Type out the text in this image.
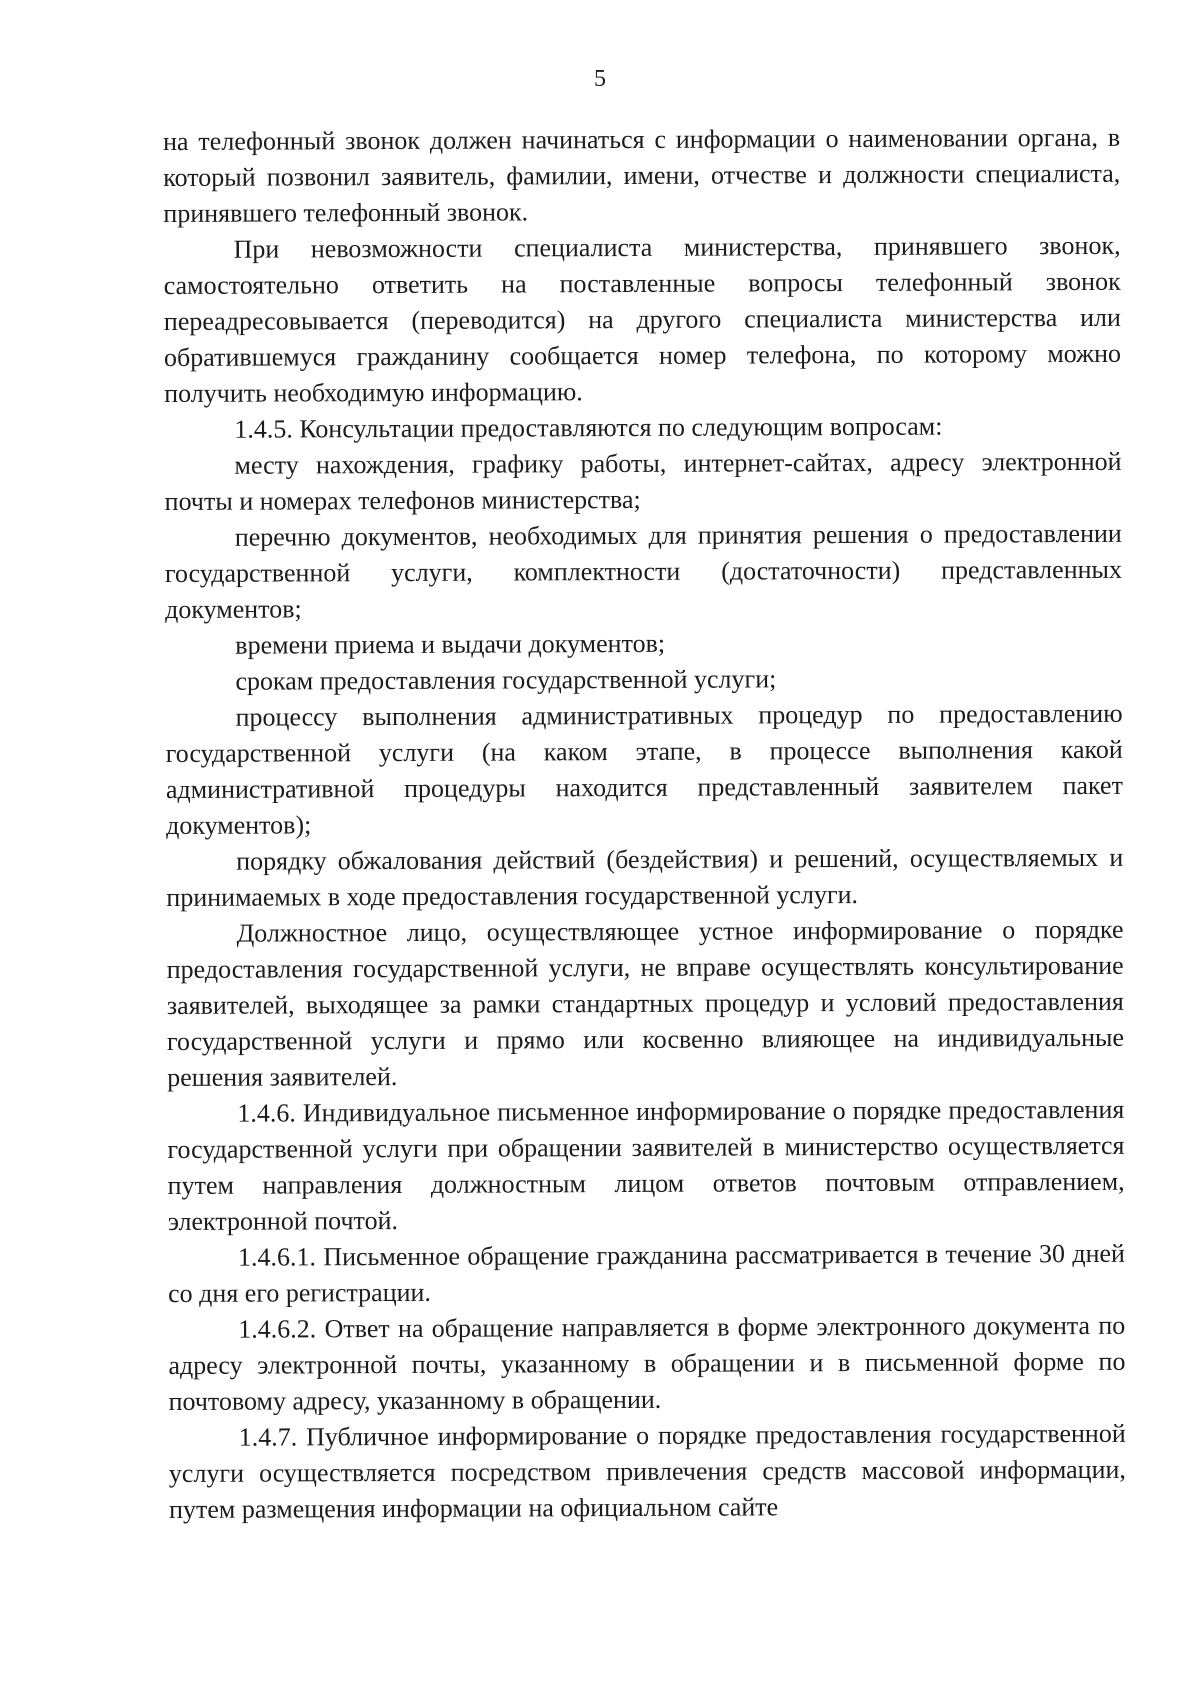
5

на телефонный звонок должен начинаться с информации о наименовании органа, в который позвонил заявитель, фамилии, имени, отчестве и должности специалиста, принявшего телефонный звонок.

При невозможности специалиста министерства, принявшего звонок, самостоятельно ответить на поставленные вопросы телефонный звонок переадресовывается (переводится) на другого специалиста министерства или обратившемуся гражданину сообщается номер телефона, по которому можно получить необходимую информацию.

1.4.5. Консультации предоставляются по следующим вопросам:

месту нахождения, графику работы, интернет-сайтах, адресу электронной почты и номерах телефонов министерства;

перечню документов, необходимых для принятия решения о предоставлении государственной услуги, комплектности (достаточности) представленных документов;

времени приема и выдачи документов;

срокам предоставления государственной услуги;

процессу выполнения административных процедур по предоставлению государственной услуги (на каком этапе, в процессе выполнения какой административной процедуры находится представленный заявителем пакет документов);

порядку обжалования действий (бездействия) и решений, осуществляемых и принимаемых в ходе предоставления государственной услуги.

Должностное лицо, осуществляющее устное информирование о порядке предоставления государственной услуги, не вправе осуществлять консультирование заявителей, выходящее за рамки стандартных процедур и условий предоставления государственной услуги и прямо или косвенно влияющее на индивидуальные решения заявителей.

1.4.6. Индивидуальное письменное информирование о порядке предоставления государственной услуги при обращении заявителей в министерство осуществляется путем направления должностным лицом ответов почтовым отправлением, электронной почтой.

1.4.6.1. Письменное обращение гражданина рассматривается в течение 30 дней со дня его регистрации.

1.4.6.2. Ответ на обращение направляется в форме электронного документа по адресу электронной почты, указанному в обращении и в письменной форме по почтовому адресу, указанному в обращении.

1.4.7. Публичное информирование о порядке предоставления государственной услуги осуществляется посредством привлечения средств массовой информации, путем размещения информации на официальном сайте
